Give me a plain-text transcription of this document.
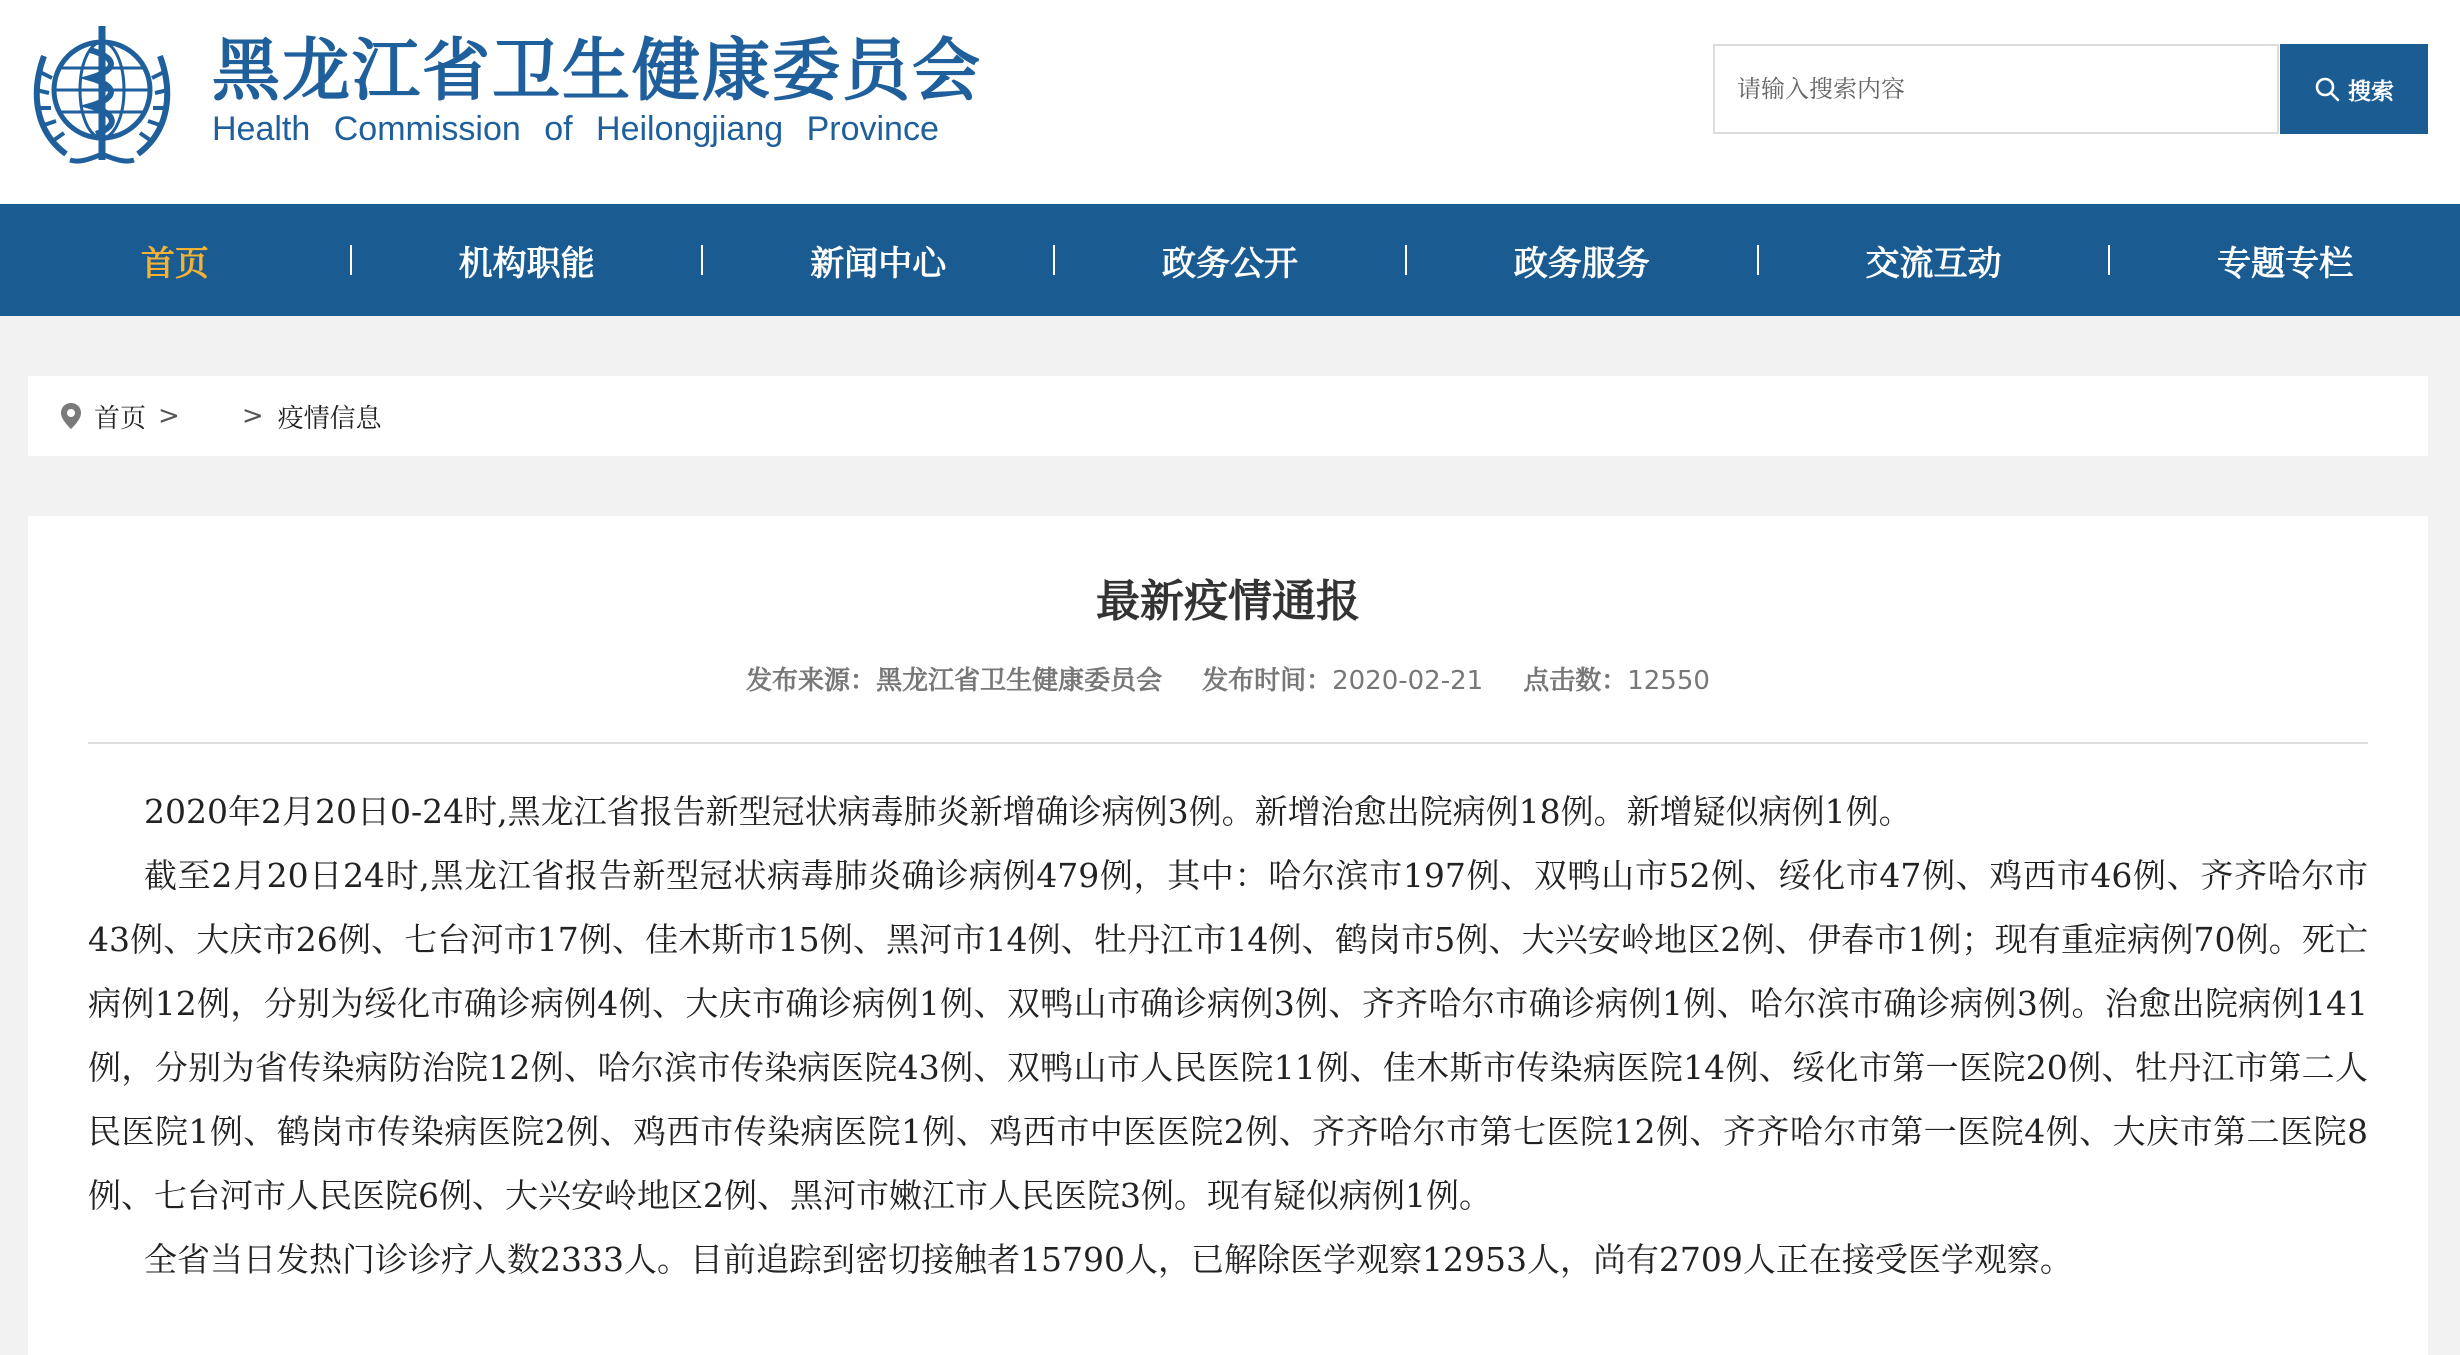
黑龙江省卫生健康委员会
Health Commission of Heilongjiang Province
请输入搜索内容
搜索
首页	机构职能	新闻中心	政务公开	政务服务	交流互动	专题专栏
首页 > > 疫情信息
最新疫情通报
发布来源：黑龙江省卫生健康委员会 发布时间：2020-02-21 点击数：12550

2020年2月20日0-24时,黑龙江省报告新型冠状病毒肺炎新增确诊病例3例。新增治愈出院病例18例。新增疑似病例1例。

截至2月20日24时,黑龙江省报告新型冠状病毒肺炎确诊病例479例，其中：哈尔滨市197例、双鸭山市52例、绥化市47例、鸡西市46例、齐齐哈尔市43例、大庆市26例、七台河市17例、佳木斯市15例、黑河市14例、牡丹江市14例、鹤岗市5例、大兴安岭地区2例、伊春市1例；现有重症病例70例。死亡病例12例，分别为绥化市确诊病例4例、大庆市确诊病例1例、双鸭山市确诊病例3例、齐齐哈尔市确诊病例1例、哈尔滨市确诊病例3例。治愈出院病例141例，分别为省传染病防治院12例、哈尔滨市传染病医院43例、双鸭山市人民医院11例、佳木斯市传染病医院14例、绥化市第一医院20例、牡丹江市第二人民医院1例、鹤岗市传染病医院2例、鸡西市传染病医院1例、鸡西市中医医院2例、齐齐哈尔市第七医院12例、齐齐哈尔市第一医院4例、大庆市第二医院8例、七台河市人民医院6例、大兴安岭地区2例、黑河市嫩江市人民医院3例。现有疑似病例1例。

全省当日发热门诊诊疗人数2333人。目前追踪到密切接触者15790人，已解除医学观察12953人，尚有2709人正在接受医学观察。
